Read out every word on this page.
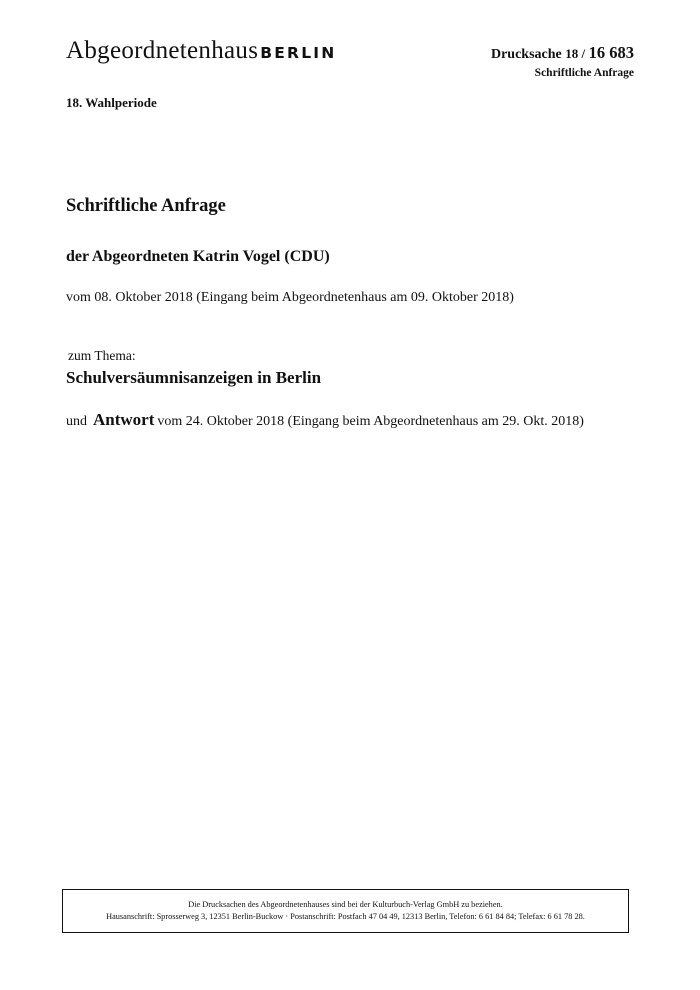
Abgeordnetenhaus BERLIN	Drucksache 18 / 16 683
Schriftliche Anfrage
18. Wahlperiode
Schriftliche Anfrage
der Abgeordneten Katrin Vogel (CDU)
vom 08. Oktober 2018 (Eingang beim Abgeordnetenhaus am 09. Oktober 2018)
zum Thema:
Schulversäumnisanzeigen in Berlin
und Antwort vom 24. Oktober 2018 (Eingang beim Abgeordnetenhaus am 29. Okt. 2018)
Die Drucksachen des Abgeordnetenhauses sind bei der Kulturbuch-Verlag GmbH zu beziehen.
Hausanschrift: Sprosserweg 3, 12351 Berlin-Buckow · Postanschrift: Postfach 47 04 49, 12313 Berlin, Telefon: 6 61 84 84; Telefax: 6 61 78 28.
